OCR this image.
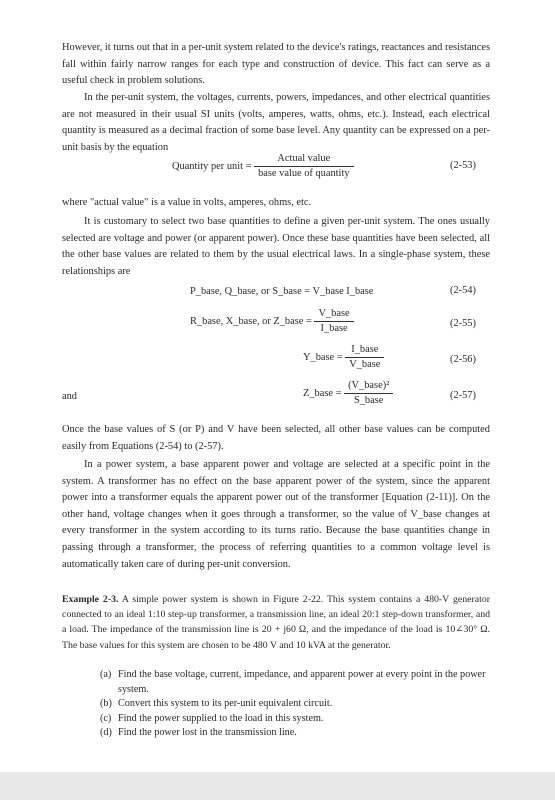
However, it turns out that in a per-unit system related to the device's ratings, reactances and resistances fall within fairly narrow ranges for each type and construction of device. This fact can serve as a useful check in problem solutions.

In the per-unit system, the voltages, currents, powers, impedances, and other electrical quantities are not measured in their usual SI units (volts, amperes, watts, ohms, etc.). Instead, each electrical quantity is measured as a decimal fraction of some base level. Any quantity can be expressed on a per-unit basis by the equation

Quantity per unit = $\frac{\text{Actual value}}{\text{base value of quantity}}$	(2-53)

where "actual value" is a value in volts, amperes, ohms, etc.

It is customary to select two base quantities to define a given per-unit system. The ones usually selected are voltage and power (or apparent power). Once these base quantities have been selected, all the other base values are related to them by the usual electrical laws. In a single-phase system, these relationships are

P_base, Q_base, or S_base = V_base I_base	(2-54)
R_base, X_base, or Z_base = $\frac{\text{V\_base}}{\text{I\_base}}$	(2-55)
Y_base = $\frac{\text{I\_base}}{\text{V\_base}}$	(2-56)
and	Z_base = $\frac{\text{(V\_base)²}}{\text{S\_base}}$	(2-57)

Once the base values of S (or P) and V have been selected, all other base values can be computed easily from Equations (2-54) to (2-57).

In a power system, a base apparent power and voltage are selected at a specific point in the system. A transformer has no effect on the base apparent power of the system, since the apparent power into a transformer equals the apparent power out of the transformer [Equation (2-11)]. On the other hand, voltage changes when it goes through a transformer, so the value of V_base changes at every transformer in the system according to its turns ratio. Because the base quantities change in passing through a transformer, the process of referring quantities to a common voltage level is automatically taken care of during per-unit conversion.

Example 2-3. A simple power system is shown in Figure 2-22. This system contains a 480-V generator connected to an ideal 1:10 step-up transformer, a transmission line, an ideal 20:1 step-down transformer, and a load. The impedance of the transmission line is 20 + j60 Ω, and the impedance of the load is 10∠30° Ω. The base values for this system are chosen to be 480 V and 10 kVA at the generator.

(a) Find the base voltage, current, impedance, and apparent power at every point in the power system.
(b) Convert this system to its per-unit equivalent circuit.
(c) Find the power supplied to the load in this system.
(d) Find the power lost in the transmission line.
